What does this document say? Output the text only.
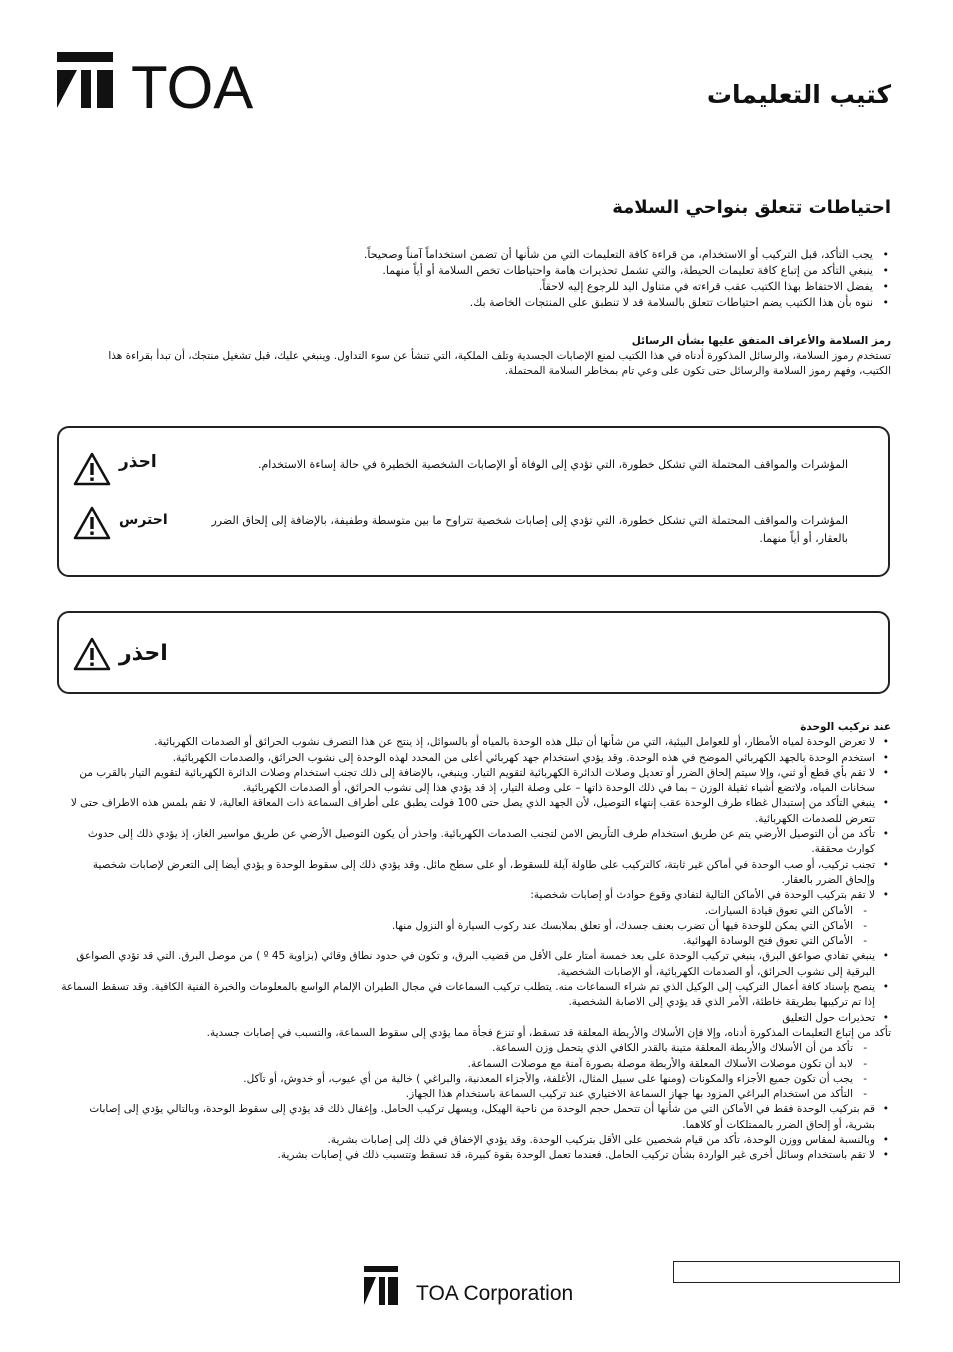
TOA	كتيب التعليمات
احتياطات تتعلق بنواحي السلامة
• يجب التأكد، قبل التركيب أو الاستخدام، من قراءة كافة التعليمات التي من شأنها أن تضمن استخداماً آمناً وصحيحاً.
• ينبغي التأكد من إتباع كافة تعليمات الحيطة، والتي تشمل تحذيرات هامة واحتياطات تخص السلامة أو أياً منهما.
• يفضل الاحتفاظ بهذا الكتيب عقب قراءته في متناول اليد للرجوع إليه لاحقاً.
• ننوه بأن هذا الكتيب يضم احتياطات تتعلق بالسلامة قد لا تنطبق على المنتجات الخاصة بك.
رمز السلامة والأعراف المتفق عليها بشأن الرسائل
تستخدم رموز السلامة، والرسائل المذكورة أدناه في هذا الكتيب لمنع الإصابات الجسدية وتلف الملكية، التي تنشأ عن سوء التداول. وينبغي عليك، قبل تشغيل منتجك، أن تبدأ بقراءة هذا الكتيب، وفهم رموز السلامة والرسائل حتى تكون على وعي تام بمخاطر السلامة المحتملة.
احذر	المؤشرات والمواقف المحتملة التي تشكل خطورة، التي تؤدي إلى الوفاة أو الإصابات الشخصية الخطيرة في حالة إساءة الاستخدام.
احترس	المؤشرات والمواقف المحتملة التي تشكل خطورة، التي تؤدي إلى إصابات شخصية تتراوح ما بين متوسطة وطفيفة، بالإضافة إلى إلحاق الضرر بالعقار، أو أياً منهما.
احذر
عند تركيب الوحدة
• لا تعرض الوحدة لمياه الأمطار، أو للعوامل البيئية، التي من شأنها أن تبلل هذه الوحدة بالمياه أو بالسوائل، إذ ينتج عن هذا التصرف نشوب الحرائق أو الصدمات الكهربائية.
• استخدم الوحدة بالجهد الكهربائي الموضح في هذه الوحدة. وقد يؤدي استخدام جهد كهربائي أعلى من المحدد لهذه الوحدة إلى نشوب الحرائق، والصدمات الكهربائية.
• لا تقم بأي قطع أو ثني، وإلا سيتم إلحاق الضرر أو تعديل وصلات الدائرة الكهربائية لتقويم التيار. وينبغي، بالإضافة إلى ذلك تجنب استخدام وصلات الدائرة الكهربائية لتقويم التيار بالقرب من سخانات المياه، ولاتضع أشياء ثقيلة الوزن – بما في ذلك الوحدة ذاتها – على وصلة التيار، إذ قد يؤدي هذا إلى نشوب الحرائق، أو الصدمات الكهربائية.
• ينبغي التأكد من إستبدال غطاء طرف الوحدة عقب إنتهاء التوصيل، لأن الجهد الذي يصل حتى 100 فولت يطبق على أطراف السماعة ذات المعاقة العالية، لا تقم بلمس هذه الاطراف حتى لا تتعرض للصدمات الكهربائية.
• تأكد من أن التوصيل الأرضي يتم عن طريق استخدام طرف التأريض الامن لتجنب الصدمات الكهربائية. واحذر أن يكون التوصيل الأرضي عن طريق مواسير الغاز، إذ يؤدي ذلك إلى حدوث كوارث محققة.
• تجنب تركيب، أو صب الوحدة في أماكن غير ثابتة، كالتركيب على طاولة آيلة للسقوط، أو على سطح مائل. وقد يؤدي ذلك إلى سقوط الوحدة و يؤدي أيضا إلى التعرض لإصابات شخصية وإلحاق الضرر بالعقار.
• لا تقم بتركيب الوحدة في الأماكن التالية لتفادي وقوع حوادث أو إصابات شخصية:
- الأماكن التي تعوق قيادة السيارات.
- الأماكن التي يمكن للوحدة فيها أن تضرب بعنف جسدك، أو تعلق بملابسك عند ركوب السيارة أو النزول منها.
- الأماكن التي تعوق فتح الوسادة الهوائية.
• ينبغي تفادي صواعق البرق، ينبغي تركيب الوحدة على بعد خمسة أمتار على الأقل من قضيب البرق، و تكون في حدود نطاق وقائي (بزاوية 45 º ) من موصل البرق. التي قد تؤدي الصواعق البرقية إلى نشوب الحرائق، أو الصدمات الكهربائية، أو الإصابات الشخصية.
• ينصح بإسناد كافة أعمال التركيب إلى الوكيل الذي تم شراء السماعات منه. يتطلب تركيب السماعات في مجال الطيران الإلمام الواسع بالمعلومات والخبرة الفنية الكافية. وقد تسقط السماعة إذا تم تركيبها بطريقة خاطئة، الأمر الذي قد يؤدي إلى الاصابة الشخصية.
• تحذيرات حول التعليق
تأكد من إتباع التعليمات المذكورة أدناه، وإلا فإن الأسلاك والأربطة المعلقة قد تسقط، أو تنزع فجأة مما يؤدي إلى سقوط السماعة، والتسبب في إصابات جسدية.
- تأكد من أن الأسلاك والأربطة المعلقة متينة بالقدر الكافي الذي يتحمل وزن السماعة.
- لابد أن تكون موصلات الأسلاك المعلقة والأربطة موصلة بصورة آمنة مع موصلات السماعة.
- يجب أن تكون جميع الأجزاء والمكونات (ومنها على سبيل المثال، الأغلفة، والأجزاء المعدنية، والبراغي ) خالية من أي عيوب، أو خدوش، أو تآكل.
- التأكد من استخدام البراغي المزود بها جهاز السماعة الاختياري عند تركيب السماعة باستخدام هذا الجهاز.
• قم بتركيب الوحدة فقط في الأماكن التي من شأنها أن تتحمل حجم الوحدة من ناحية الهيكل، ويسهل تركيب الحامل. وإغفال ذلك قد يؤدي إلى سقوط الوحدة، وبالتالي يؤدي إلى إصابات بشرية، أو إلحاق الضرر بالممتلكات أو كلاهما.
• وبالنسبة لمقاس ووزن الوحدة، تأكد من قيام شخصين على الأقل بتركيب الوحدة. وقد يؤدي الإخفاق في ذلك إلى إصابات بشرية.
• لا تقم باستخدام وسائل أخرى غير الواردة بشأن تركيب الحامل. فعندما تعمل الوحدة بقوة كبيرة، قد تسقط وتتسبب ذلك في إصابات بشرية.
TOA Corporation
